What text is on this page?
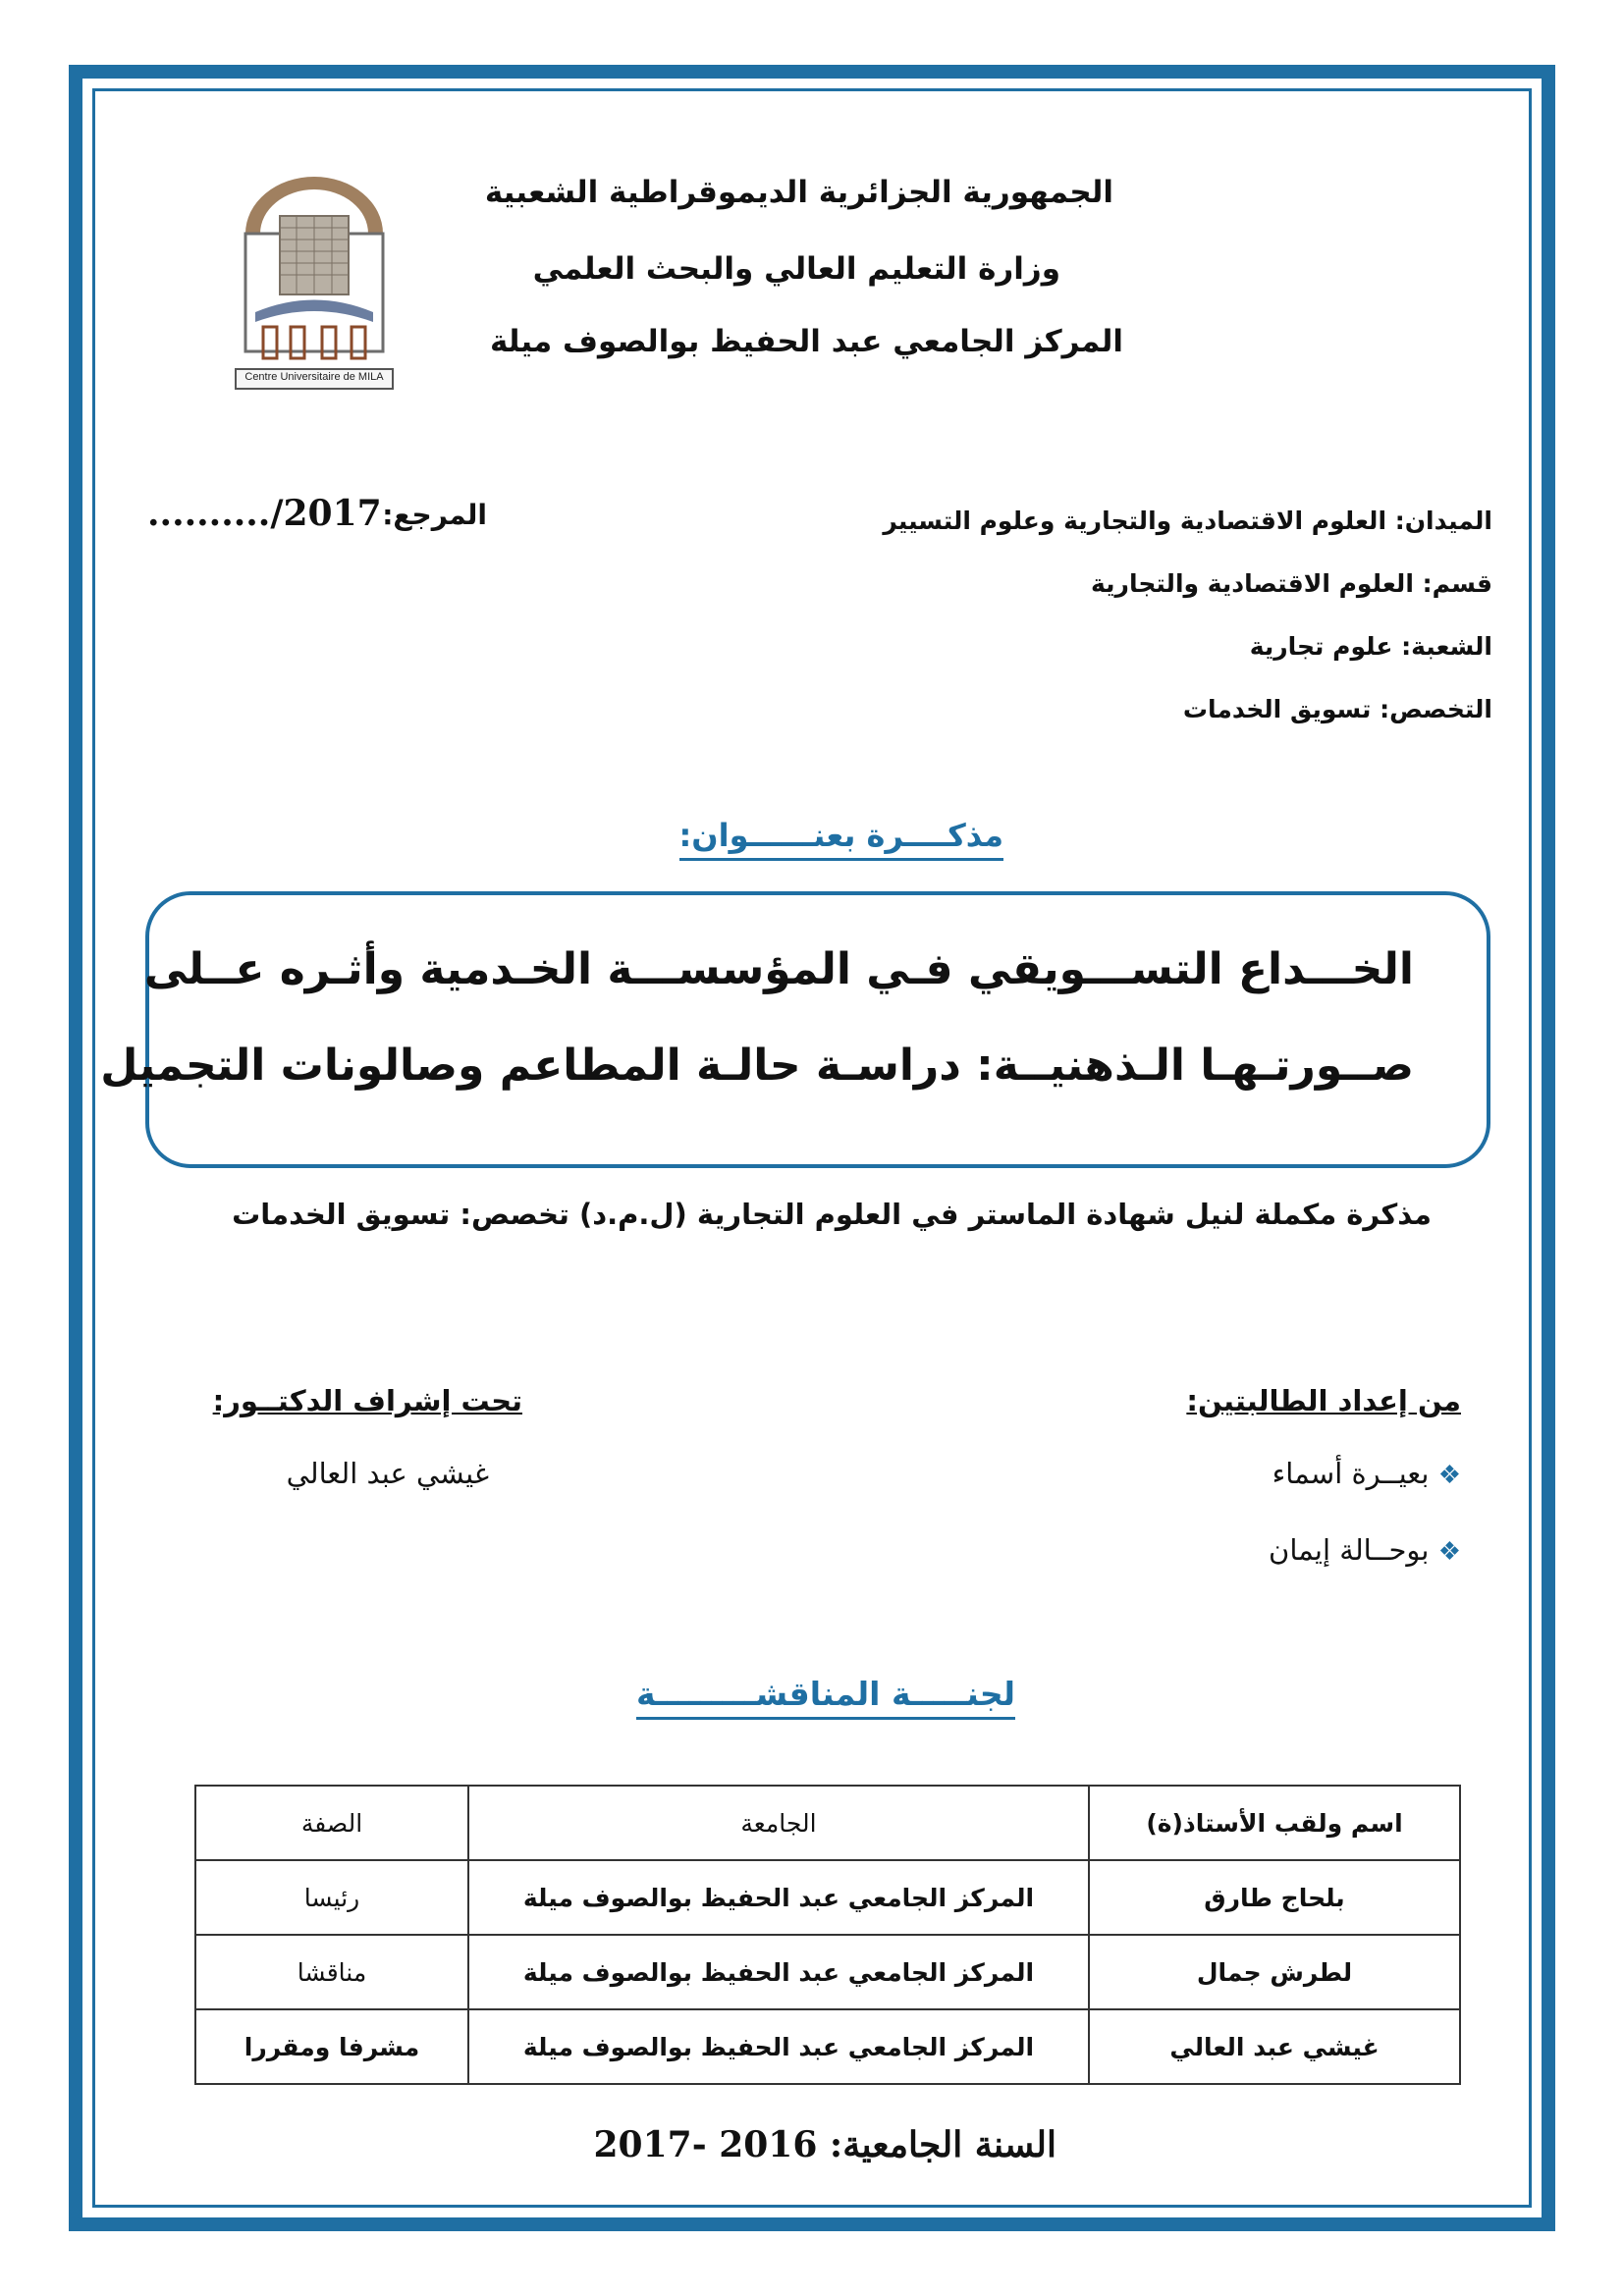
Centre Universitaire de MILA
الجمهورية الجزائرية الديموقراطية الشعبية
وزارة التعليم العالي والبحث العلمي
المركز الجامعي عبد الحفيظ بوالصوف ميلة
المرجع:
........../2017	الميدان: العلوم الاقتصادية والتجارية وعلوم التسيير
قسم: العلوم الاقتصادية والتجارية
الشعبة: علوم تجارية
التخصص: تسويق الخدمات
مذكــــرة بعنــــــوان:
الخـــداع التســـويقي فـي المؤسســـة الخـدمية وأثـره عــلى
صــورتـهـا الـذهنيــة: دراسـة حالـة المطاعم وصالونات التجميل
مذكرة مكملة لنيل شهادة الماستر في العلوم التجارية (ل.م.د) تخصص: تسويق الخدمات
من إعداد الطالبتين:
❖ بعيــرة أسماء
❖ بوحــالة إيمان
تحت إشراف الدكتــور:
غيشي عبد العالي
لجنـــــة المناقشـــــــــة
اسم ولقب الأستاذ(ة)	الجامعة	الصفة
بلحاج طارق	المركز الجامعي عبد الحفيظ بوالصوف ميلة	رئيسا
لطرش جمال	المركز الجامعي عبد الحفيظ بوالصوف ميلة	مناقشا
غيشي عبد العالي	المركز الجامعي عبد الحفيظ بوالصوف ميلة	مشرفا ومقررا
السنة الجامعية: 2016 -2017
